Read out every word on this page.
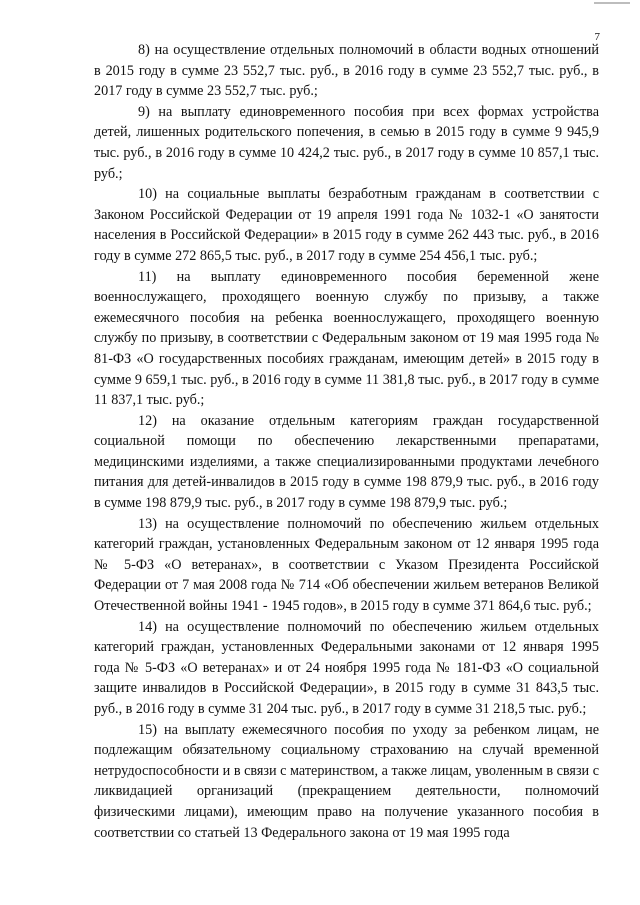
7

8) на осуществление отдельных полномочий в области водных отношений в 2015 году в сумме 23 552,7 тыс. руб., в 2016 году в сумме 23 552,7 тыс. руб., в 2017 году в сумме 23 552,7 тыс. руб.;

9) на выплату единовременного пособия при всех формах устройства детей, лишенных родительского попечения, в семью в 2015 году в сумме 9 945,9 тыс. руб., в 2016 году в сумме 10 424,2 тыс. руб., в 2017 году в сумме 10 857,1 тыс. руб.;

10) на социальные выплаты безработным гражданам в соответствии с Законом Российской Федерации от 19 апреля 1991 года № 1032-1 «О занятости населения в Российской Федерации» в 2015 году в сумме 262 443 тыс. руб., в 2016 году в сумме 272 865,5 тыс. руб., в 2017 году в сумме 254 456,1 тыс. руб.;

11) на выплату единовременного пособия беременной жене военнослужащего, проходящего военную службу по призыву, а также ежемесячного пособия на ребенка военнослужащего, проходящего военную службу по призыву, в соответствии с Федеральным законом от 19 мая 1995 года № 81-ФЗ «О государственных пособиях гражданам, имеющим детей» в 2015 году в сумме 9 659,1 тыс. руб., в 2016 году в сумме 11 381,8 тыс. руб., в 2017 году в сумме 11 837,1 тыс. руб.;

12) на оказание отдельным категориям граждан государственной социальной помощи по обеспечению лекарственными препаратами, медицинскими изделиями, а также специализированными продуктами лечебного питания для детей-инвалидов в 2015 году в сумме 198 879,9 тыс. руб., в 2016 году в сумме 198 879,9 тыс. руб., в 2017 году в сумме 198 879,9 тыс. руб.;

13) на осуществление полномочий по обеспечению жильем отдельных категорий граждан, установленных Федеральным законом от 12 января 1995 года № 5-ФЗ «О ветеранах», в соответствии с Указом Президента Российской Федерации от 7 мая 2008 года № 714 «Об обеспечении жильем ветеранов Великой Отечественной войны 1941 - 1945 годов», в 2015 году в сумме 371 864,6 тыс. руб.;

14) на осуществление полномочий по обеспечению жильем отдельных категорий граждан, установленных Федеральными законами от 12 января 1995 года № 5-ФЗ «О ветеранах» и от 24 ноября 1995 года № 181-ФЗ «О социальной защите инвалидов в Российской Федерации», в 2015 году в сумме 31 843,5 тыс. руб., в 2016 году в сумме 31 204 тыс. руб., в 2017 году в сумме 31 218,5 тыс. руб.;

15) на выплату ежемесячного пособия по уходу за ребенком лицам, не подлежащим обязательному социальному страхованию на случай временной нетрудоспособности и в связи с материнством, а также лицам, уволенным в связи с ликвидацией организаций (прекращением деятельности, полномочий физическими лицами), имеющим право на получение указанного пособия в соответствии со статьей 13 Федерального закона от 19 мая 1995 года
